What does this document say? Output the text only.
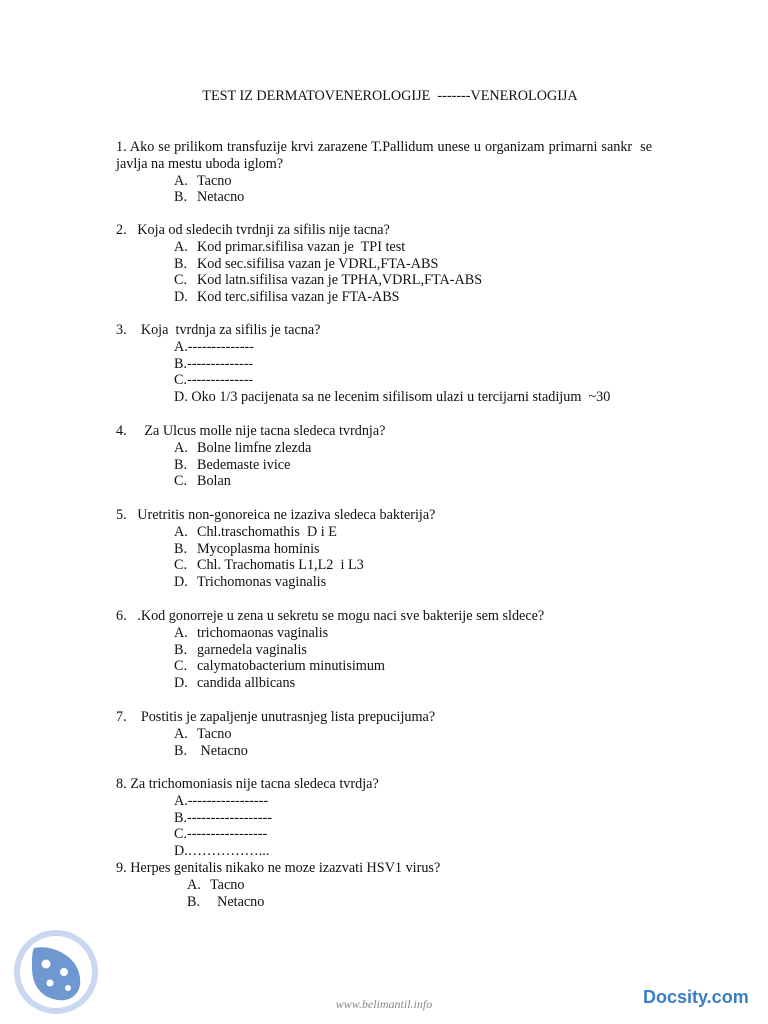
TEST IZ DERMATOVENEROLOGIJE  -------VENEROLOGIJA
1. Ako se prilikom transfuzije krvi zarazene T.Pallidum unese u organizam primarni sankr  se javlja na mestu uboda iglom?
A. Tacno
B. Netacno
2.   Koja od sledecih tvrdnji za sifilis nije tacna?
A. Kod primar.sifilisa vazan je  TPI test
B. Kod sec.sifilisa vazan je VDRL,FTA-ABS
C. Kod latn.sifilisa vazan je TPHA,VDRL,FTA-ABS
D. Kod terc.sifilisa vazan je FTA-ABS
3.    Koja  tvrdnja za sifilis je tacna?
A.--------------
B.--------------
C.--------------
D. Oko 1/3 pacijenata sa ne lecenim sifilisom ulazi u tercijarni stadijum  ~30
4.     Za Ulcus molle nije tacna sledeca tvrdnja?
A. Bolne limfne zlezda
B. Bedemaste ivice
C. Bolan
5.   Uretritis non-gonoreica ne izaziva sledeca bakterija?
A. Chl.traschomathis  D i E
B. Mycoplasma hominis
C. Chl. Trachomatis L1,L2  i L3
D. Trichomonas vaginalis
6.   .Kod gonorreje u zena u sekretu se mogu naci sve bakterije sem sldece?
A. trichomaonas vaginalis
B. garnedela vaginalis
C. calymatobacterium minutisimum
D. candida allbicans
7.    Postitis je zapaljenje unutrasnjeg lista prepucijuma?
A. Tacno
B. Netacno
8. Za trichomoniasis nije tacna sledeca tvrdja?
A.-----------------
B.------------------
C.-----------------
D.……………...
9. Herpes genitalis nikako ne moze izazvati HSV1 virus?
A. Tacno
B.  Netacno
www.belimantil.info	Docsity.com
